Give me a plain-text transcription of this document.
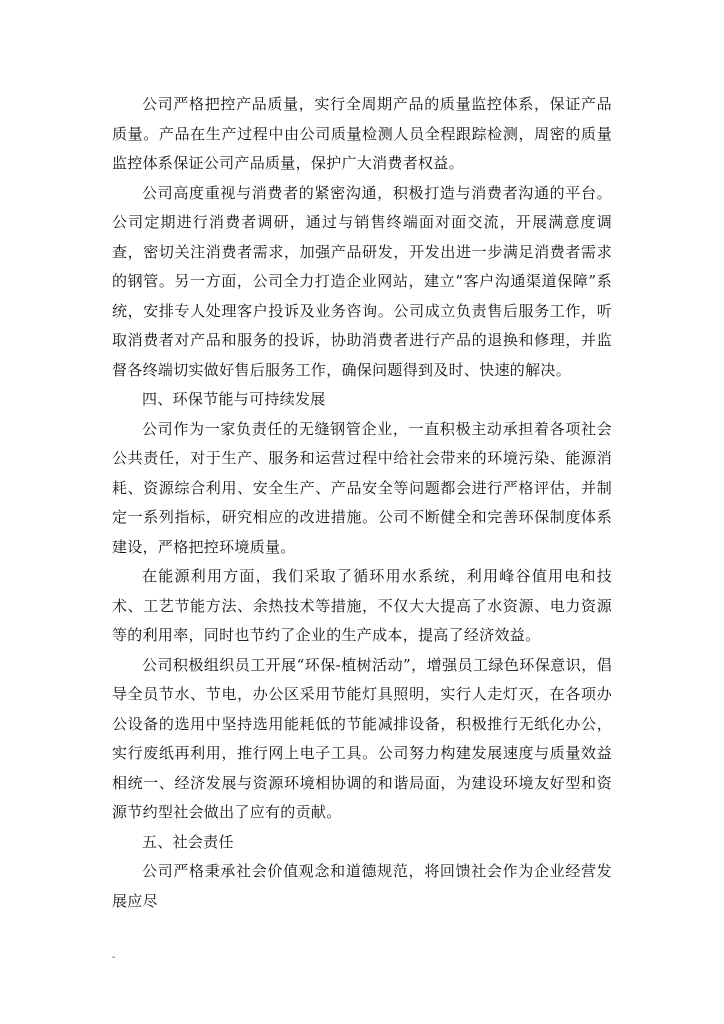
公司严格把控产品质量，实行全周期产品的质量监控体系，保证产品质量。产品在生产过程中由公司质量检测人员全程跟踪检测，周密的质量监控体系保证公司产品质量，保护广大消费者权益。

公司高度重视与消费者的紧密沟通，积极打造与消费者沟通的平台。公司定期进行消费者调研，通过与销售终端面对面交流，开展满意度调查，密切关注消费者需求，加强产品研发，开发出进一步满足消费者需求的钢管。另一方面，公司全力打造企业网站，建立“客户沟通渠道保障”系统，安排专人处理客户投诉及业务咨询。公司成立负责售后服务工作，听取消费者对产品和服务的投诉，协助消费者进行产品的退换和修理，并监督各终端切实做好售后服务工作，确保问题得到及时、快速的解决。

四、环保节能与可持续发展

公司作为一家负责任的无缝钢管企业，一直积极主动承担着各项社会公共责任，对于生产、服务和运营过程中给社会带来的环境污染、能源消耗、资源综合利用、安全生产、产品安全等问题都会进行严格评估，并制定一系列指标，研究相应的改进措施。公司不断健全和完善环保制度体系建设，严格把控环境质量。

在能源利用方面，我们采取了循环用水系统，利用峰谷值用电和技术、工艺节能方法、余热技术等措施，不仅大大提高了水资源、电力资源等的利用率，同时也节约了企业的生产成本，提高了经济效益。

公司积极组织员工开展“环保-植树活动”，增强员工绿色环保意识，倡导全员节水、节电，办公区采用节能灯具照明，实行人走灯灭，在各项办公设备的选用中坚持选用能耗低的节能减排设备，积极推行无纸化办公，实行废纸再利用，推行网上电子工具。公司努力构建发展速度与质量效益相统一、经济发展与资源环境相协调的和谐局面，为建设环境友好型和资源节约型社会做出了应有的贡献。

五、社会责任

公司严格秉承社会价值观念和道德规范，将回馈社会作为企业经营发展应尽

-
